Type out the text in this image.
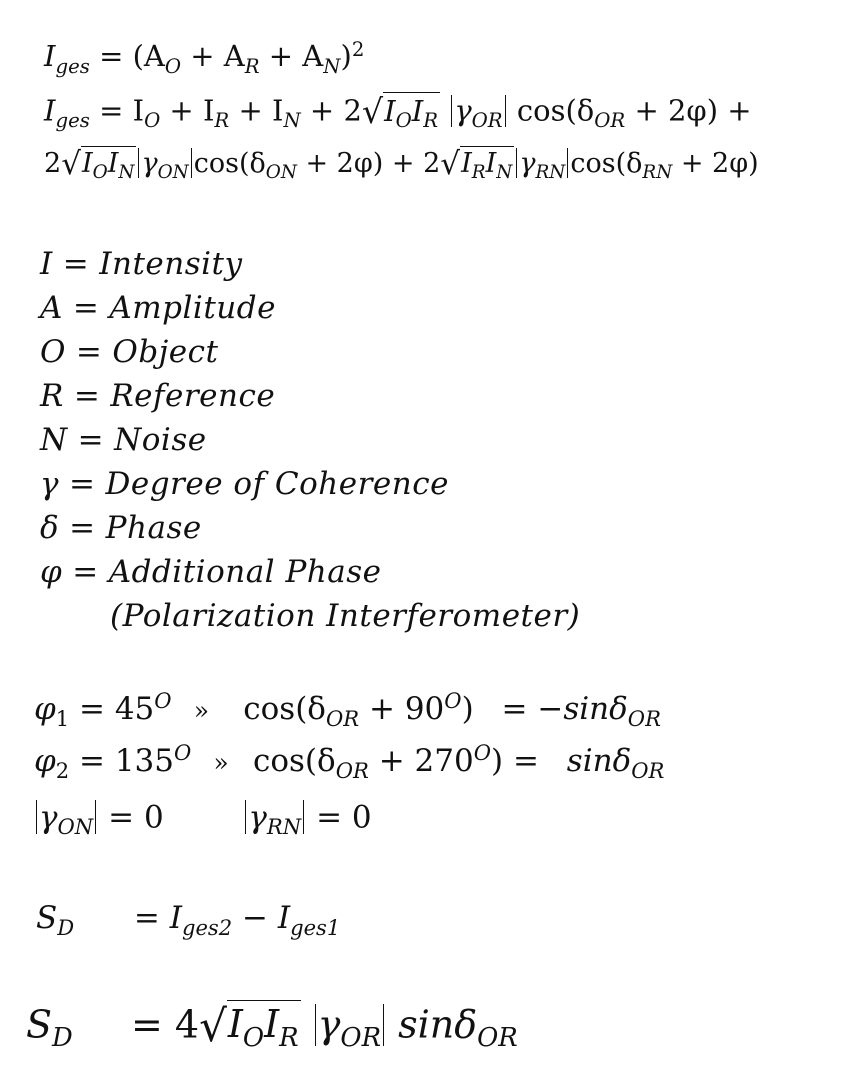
$I_{ges} = (A_O + A_R + A_N)^2$
$I_{ges} = I_O + I_R + I_N + 2√I_OI_R$ $\gamma_{OR}$ $\cos(\delta_{OR} + 2\varphi)$ +
$2√I_OI_N$ $\gamma_{ON}$ $\cos(\delta_{ON} + 2\varphi) + 2√I_RI_N$ $\gamma_{RN}$ $\cos(\delta_{RN} + 2\varphi)$
I = Intensity
A = Amplitude
O = Object
R = Reference
N = Noise
γ = Degree of Coherence
δ = Phase
φ = Additional Phase
(Polarization Interferometer)
$\varphi_1 = 45^O$ » $\cos(\delta_{OR} + 90^O) = -\sin\delta_{OR}$
$\varphi_2 = 135^O$ » $\cos(\delta_{OR} + 270^O) = \sin\delta_{OR}$
$\gamma_{ON} = 0$	$\gamma_{RN} = 0$
$S_D = I_{ges2} - I_{ges1}$
$S_D = 4√I_OI_R$ $\gamma_{OR}$ sinδ$_{OR}$
